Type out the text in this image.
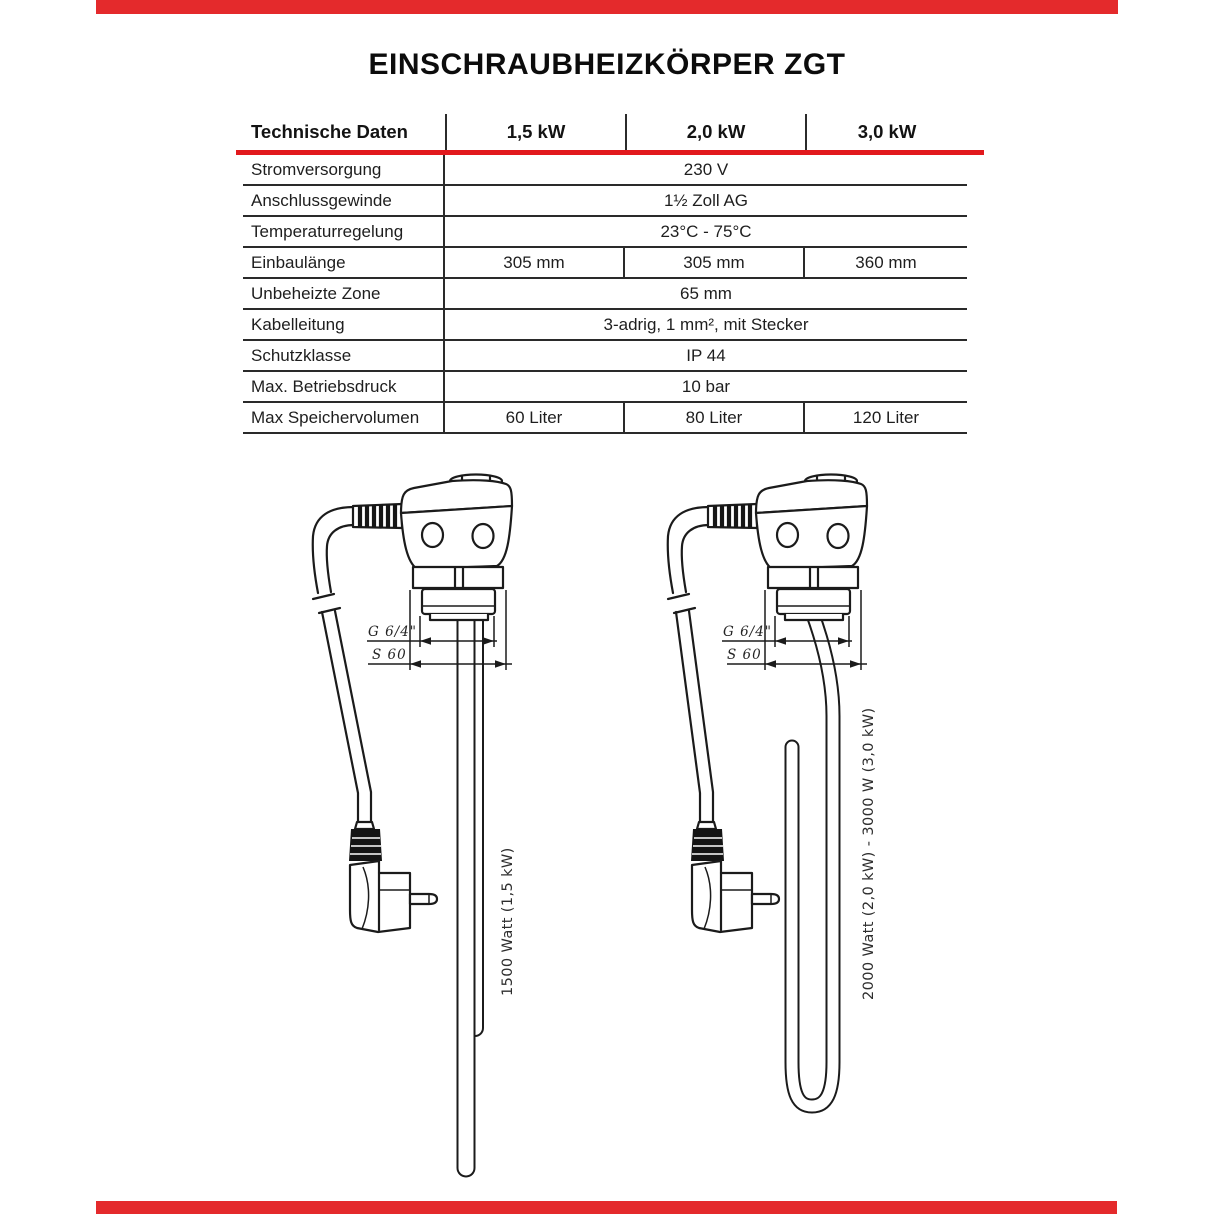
EINSCHRAUBHEIZKÖRPER ZGT
Technische Daten	1,5 kW	2,0 kW	3,0 kW
Stromversorgung	230 V
Anschlussgewinde	1½ Zoll AG
Temperaturregelung	23°C - 75°C
Einbaulänge	305 mm	305 mm	360 mm
Unbeheizte Zone	65 mm
Kabelleitung	3-adrig, 1 mm², mit Stecker
Schutzklasse	IP 44
Max. Betriebsdruck	10 bar
Max Speichervolumen	60 Liter	80 Liter	120 Liter
G 6/4"
S 60
1500 Watt (1,5 kW)
G 6/4"
S 60
2000 Watt (2,0 kW) - 3000 W (3,0 kW)
